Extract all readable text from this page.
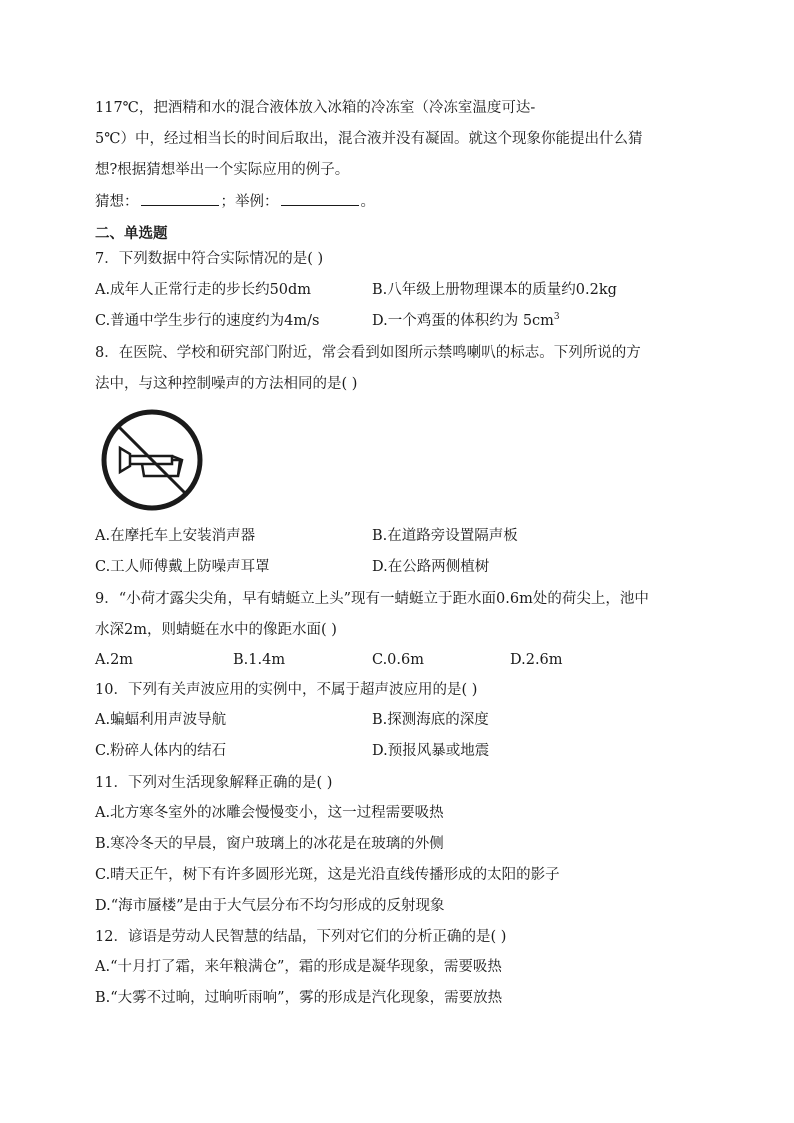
117℃，把酒精和水的混合液体放入冰箱的冷冻室（冷冻室温度可达-
5℃）中，经过相当长的时间后取出，混合液并没有凝固。就这个现象你能提出什么猜
想?根据猜想举出一个实际应用的例子。
猜想：	；举例：	。
二、单选题
7．下列数据中符合实际情况的是( )
A.成年人正常行走的步长约50dm	B.八年级上册物理课本的质量约0.2kg
C.普通中学生步行的速度约为4m/s	D.一个鸡蛋的体积约为 $5cm^3$
8．在医院、学校和研究部门附近，常会看到如图所示禁鸣喇叭的标志。下列所说的方
法中，与这种控制噪声的方法相同的是( )
A.在摩托车上安装消声器	B.在道路旁设置隔声板
C.工人师傅戴上防噪声耳罩	D.在公路两侧植树
9．“小荷才露尖尖角，早有蜻蜓立上头”现有一蜻蜓立于距水面0.6m处的荷尖上，池中
水深2m，则蜻蜓在水中的像距水面( )
A.2m	B.1.4m	C.0.6m	D.2.6m
10．下列有关声波应用的实例中，不属于超声波应用的是( )
A.蝙蝠利用声波导航	B.探测海底的深度
C.粉碎人体内的结石	D.预报风暴或地震
11．下列对生活现象解释正确的是( )
A.北方寒冬室外的冰雕会慢慢变小，这一过程需要吸热
B.寒冷冬天的早晨，窗户玻璃上的冰花是在玻璃的外侧
C.晴天正午，树下有许多圆形光斑，这是光沿直线传播形成的太阳的影子
D.“海市蜃楼”是由于大气层分布不均匀形成的反射现象
12．谚语是劳动人民智慧的结晶，下列对它们的分析正确的是( )
A.“十月打了霜，来年粮满仓”，霜的形成是凝华现象，需要吸热
B.“大雾不过晌，过晌听雨响”，雾的形成是汽化现象，需要放热
